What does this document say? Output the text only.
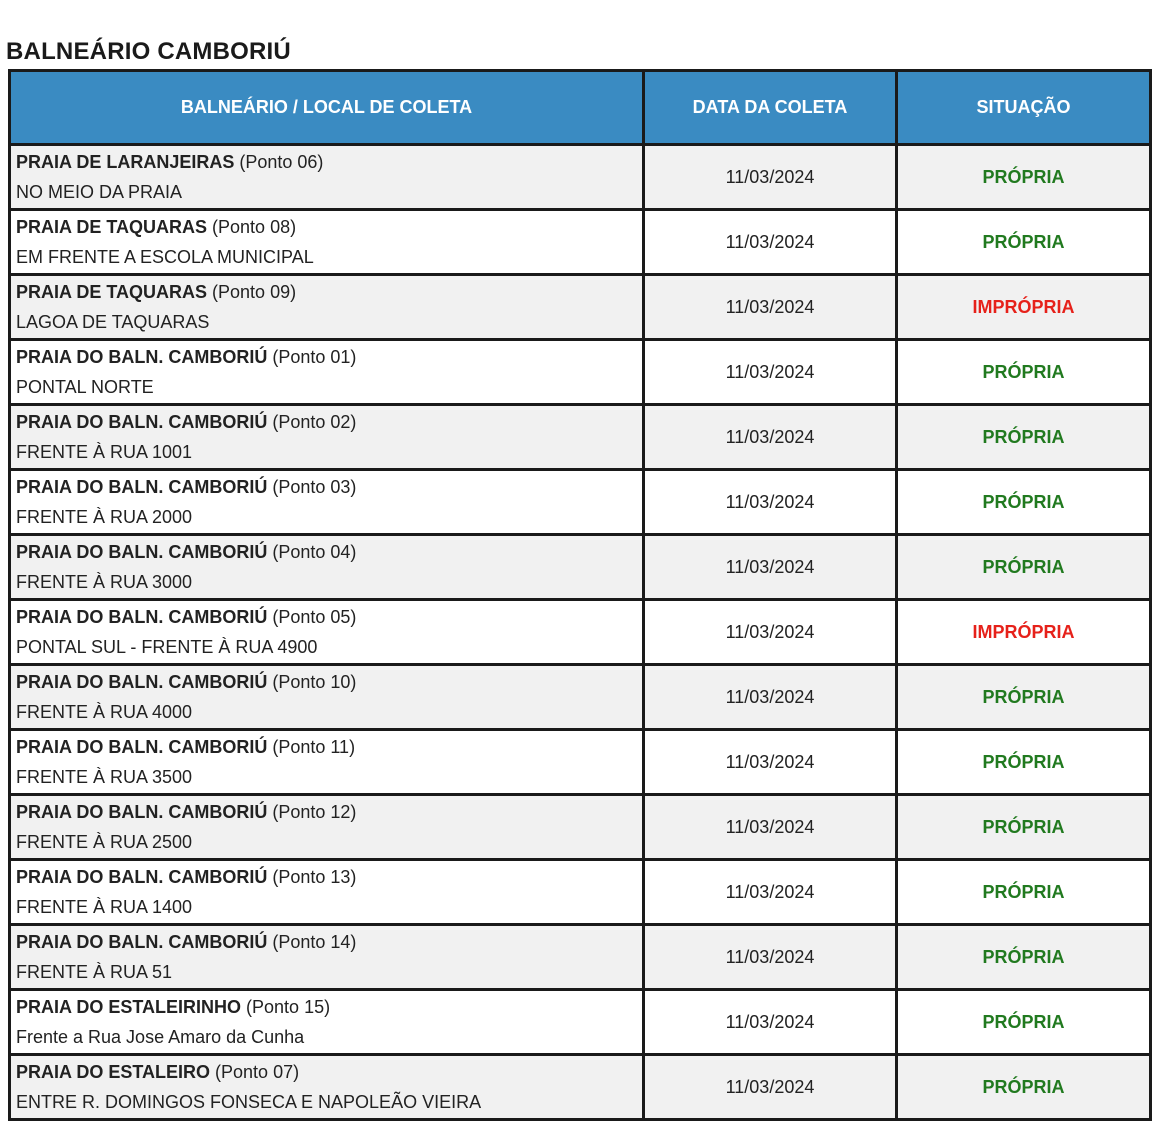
BALNEÁRIO CAMBORIÚ
BALNEÁRIO / LOCAL DE COLETA	DATA DA COLETA	SITUAÇÃO

PRAIA DE LARANJEIRAS (Ponto 06)
NO MEIO DA PRAIA	11/03/2024	PRÓPRIA

PRAIA DE TAQUARAS (Ponto 08)
EM FRENTE A ESCOLA MUNICIPAL	11/03/2024	PRÓPRIA

PRAIA DE TAQUARAS (Ponto 09)
LAGOA DE TAQUARAS	11/03/2024	IMPRÓPRIA

PRAIA DO BALN. CAMBORIÚ (Ponto 01)
PONTAL NORTE	11/03/2024	PRÓPRIA

PRAIA DO BALN. CAMBORIÚ (Ponto 02)
FRENTE À RUA 1001	11/03/2024	PRÓPRIA

PRAIA DO BALN. CAMBORIÚ (Ponto 03)
FRENTE À RUA 2000	11/03/2024	PRÓPRIA

PRAIA DO BALN. CAMBORIÚ (Ponto 04)
FRENTE À RUA 3000	11/03/2024	PRÓPRIA

PRAIA DO BALN. CAMBORIÚ (Ponto 05)
PONTAL SUL - FRENTE À RUA 4900	11/03/2024	IMPRÓPRIA

PRAIA DO BALN. CAMBORIÚ (Ponto 10)
FRENTE À RUA 4000	11/03/2024	PRÓPRIA

PRAIA DO BALN. CAMBORIÚ (Ponto 11)
FRENTE À RUA 3500	11/03/2024	PRÓPRIA

PRAIA DO BALN. CAMBORIÚ (Ponto 12)
FRENTE À RUA 2500	11/03/2024	PRÓPRIA

PRAIA DO BALN. CAMBORIÚ (Ponto 13)
FRENTE À RUA 1400	11/03/2024	PRÓPRIA

PRAIA DO BALN. CAMBORIÚ (Ponto 14)
FRENTE À RUA 51	11/03/2024	PRÓPRIA

PRAIA DO ESTALEIRINHO (Ponto 15)
Frente a Rua Jose Amaro da Cunha	11/03/2024	PRÓPRIA

PRAIA DO ESTALEIRO (Ponto 07)
ENTRE R. DOMINGOS FONSECA E NAPOLEÃO VIEIRA	11/03/2024	PRÓPRIA
